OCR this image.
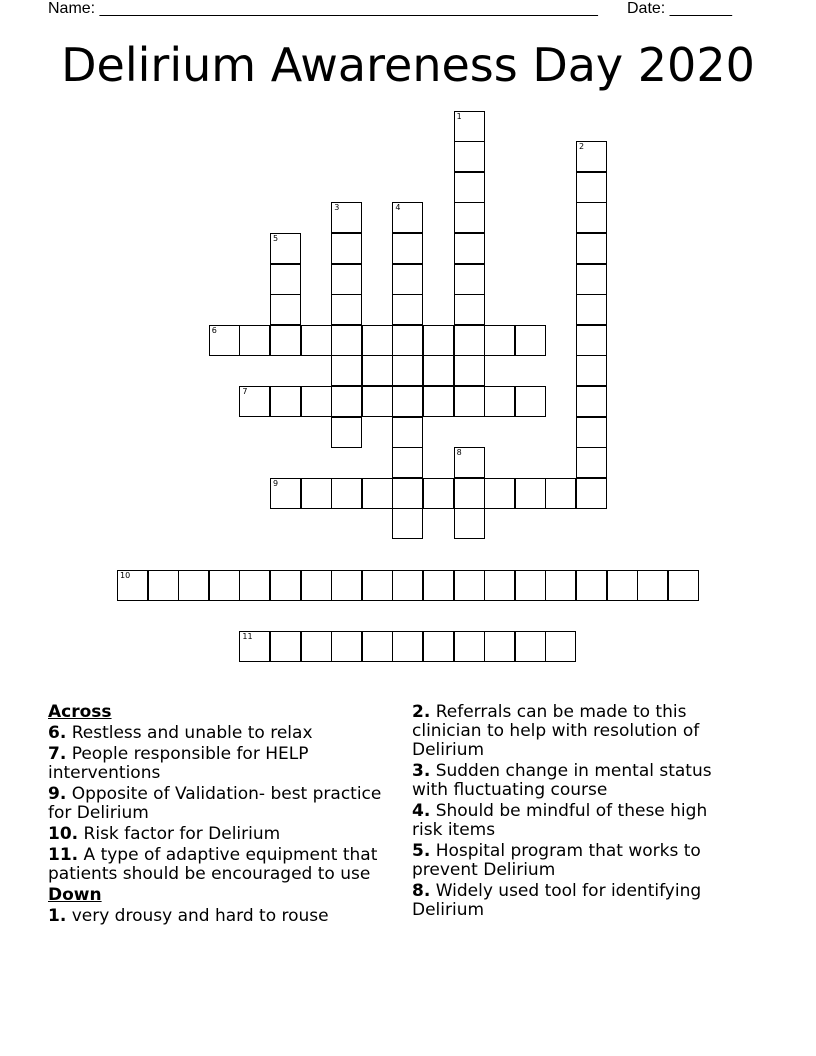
Name: ________________________________________________________ Date: _______
Delirium Awareness Day 2020
1
2
3	4
5
8
6
7
9
10
11
Across
6. Restless and unable to relax
7. People responsible for HELP interventions
9. Opposite of Validation- best practice for Delirium
10. Risk factor for Delirium
11. A type of adaptive equipment that patients should be encouraged to use
Down
1. very drousy and hard to rouse
2. Referrals can be made to this clinician to help with resolution of Delirium
3. Sudden change in mental status with fluctuating course
4. Should be mindful of these high risk items
5. Hospital program that works to prevent Delirium
8. Widely used tool for identifying Delirium
